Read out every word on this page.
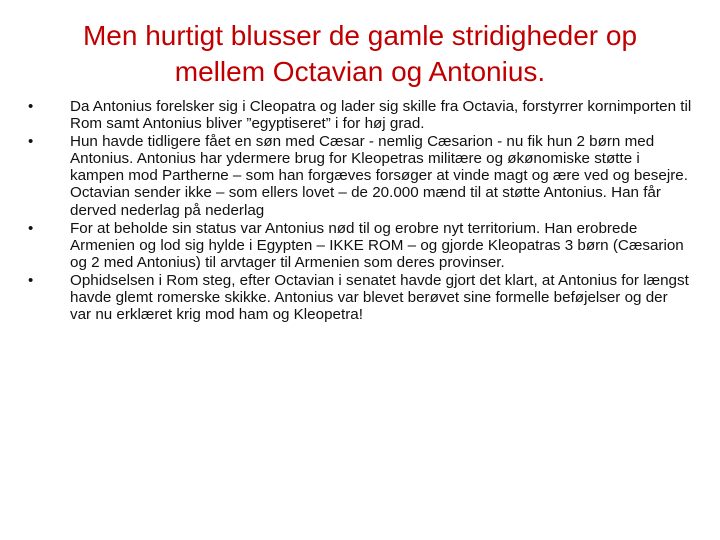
Men hurtigt blusser de gamle stridigheder op mellem Octavian og Antonius.
•	Da Antonius forelsker sig i Cleopatra og lader sig skille fra Octavia, forstyrrer kornimporten til Rom samt Antonius bliver ”egyptiseret” i for høj grad.
•	Hun havde tidligere fået en søn med Cæsar - nemlig Cæsarion - nu fik hun 2 børn med Antonius. Antonius har ydermere brug for Kleopetras militære og økønomiske støtte i kampen mod Partherne – som han forgæves forsøger at vinde magt og ære ved og besejre. Octavian sender ikke – som ellers lovet – de 20.000 mænd til at støtte Antonius. Han får derved nederlag på nederlag
•	For at beholde sin status var Antonius nød til og erobre nyt territorium. Han erobrede Armenien og lod sig hylde i Egypten – IKKE ROM – og gjorde Kleopatras 3 børn (Cæsarion og 2 med Antonius) til arvtager til Armenien som deres provinser.
•	Ophidselsen i Rom steg, efter Octavian i senatet havde gjort det klart, at Antonius for længst havde glemt romerske skikke. Antonius var blevet berøvet sine formelle beføjelser og der var nu erklæret krig mod ham og Kleopetra!
